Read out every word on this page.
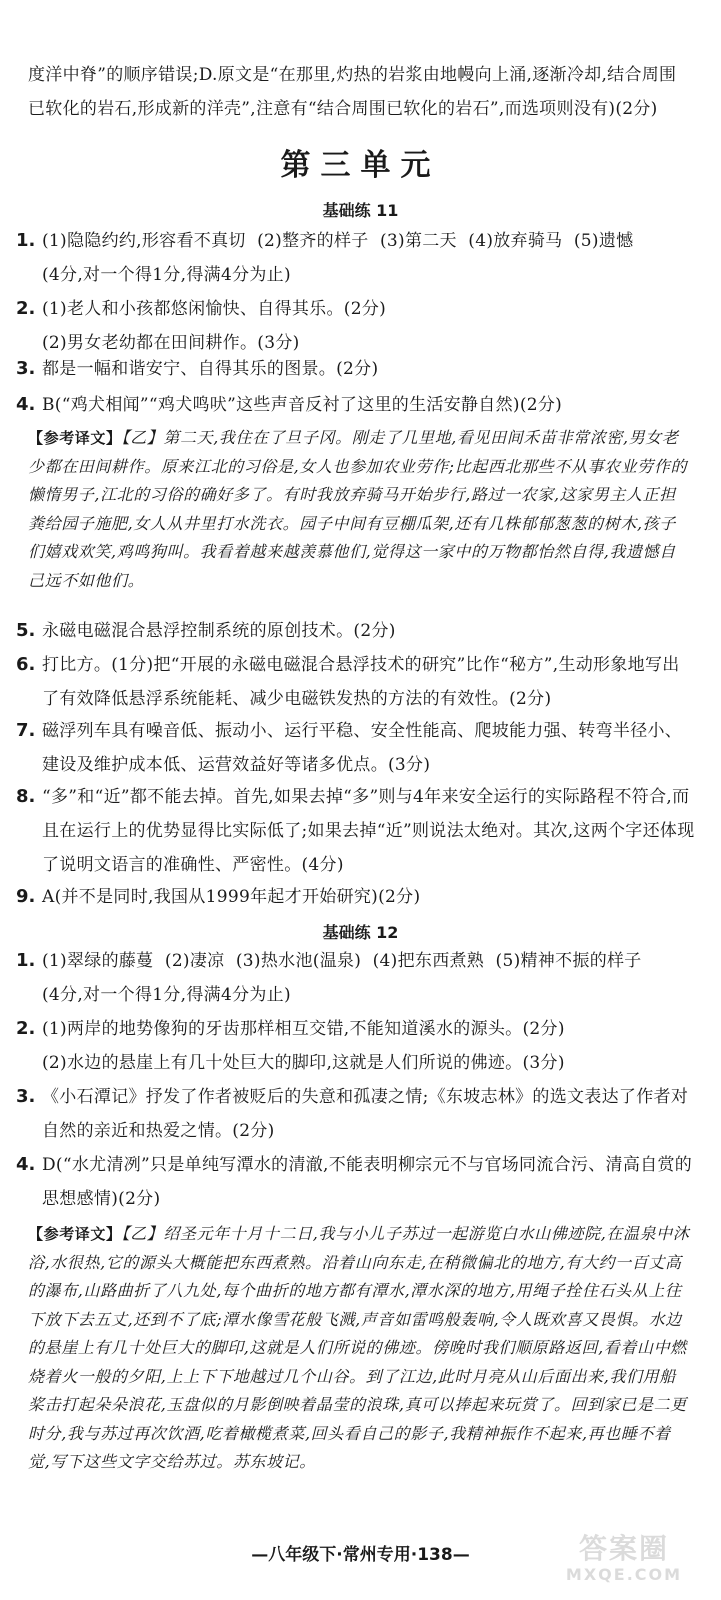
度洋中脊”的顺序错误;D.原文是“在那里,灼热的岩浆由地幔向上涌,逐渐冷却,结合周围已软化的岩石,形成新的洋壳”,注意有“结合周围已软化的岩石”,而选项则没有)(2分)
第三单元
基础练 11
1. (1)隐隐约约,形容看不真切  (2)整齐的样子  (3)第二天  (4)放弃骑马  (5)遗憾
(4分,对一个得1分,得满4分为止)
2. (1)老人和小孩都悠闲愉快、自得其乐。(2分)
(2)男女老幼都在田间耕作。(3分)
3. 都是一幅和谐安宁、自得其乐的图景。(2分)
4. B(“鸡犬相闻”“鸡犬鸣吠”这些声音反衬了这里的生活安静自然)(2分)
【参考译文】【乙】第二天,我住在了旦子冈。刚走了几里地,看见田间禾苗非常浓密,男女老少都在田间耕作。原来江北的习俗是,女人也参加农业劳作;比起西北那些不从事农业劳作的懒惰男子,江北的习俗的确好多了。有时我放弃骑马开始步行,路过一农家,这家男主人正担粪给园子施肥,女人从井里打水洗衣。园子中间有豆棚瓜架,还有几株郁郁葱葱的树木,孩子们嬉戏欢笑,鸡鸣狗叫。我看着越来越羡慕他们,觉得这一家中的万物都怡然自得,我遗憾自己远不如他们。
5. 永磁电磁混合悬浮控制系统的原创技术。(2分)
6. 打比方。(1分)把“开展的永磁电磁混合悬浮技术的研究”比作“秘方”,生动形象地写出了有效降低悬浮系统能耗、减少电磁铁发热的方法的有效性。(2分)
7. 磁浮列车具有噪音低、振动小、运行平稳、安全性能高、爬坡能力强、转弯半径小、建设及维护成本低、运营效益好等诸多优点。(3分)
8. “多”和“近”都不能去掉。首先,如果去掉“多”则与4年来安全运行的实际路程不符合,而且在运行上的优势显得比实际低了;如果去掉“近”则说法太绝对。其次,这两个字还体现了说明文语言的准确性、严密性。(4分)
9. A(并不是同时,我国从1999年起才开始研究)(2分)
基础练 12
1. (1)翠绿的藤蔓  (2)凄凉  (3)热水池(温泉)  (4)把东西煮熟  (5)精神不振的样子
(4分,对一个得1分,得满4分为止)
2. (1)两岸的地势像狗的牙齿那样相互交错,不能知道溪水的源头。(2分)
(2)水边的悬崖上有几十处巨大的脚印,这就是人们所说的佛迹。(3分)
3. 《小石潭记》抒发了作者被贬后的失意和孤凄之情;《东坡志林》的选文表达了作者对自然的亲近和热爱之情。(2分)
4. D(“水尤清冽”只是单纯写潭水的清澈,不能表明柳宗元不与官场同流合污、清高自赏的思想感情)(2分)
【参考译文】【乙】绍圣元年十月十二日,我与小儿子苏过一起游览白水山佛迹院,在温泉中沐浴,水很热,它的源头大概能把东西煮熟。沿着山向东走,在稍微偏北的地方,有大约一百丈高的瀑布,山路曲折了八九处,每个曲折的地方都有潭水,潭水深的地方,用绳子拴住石头从上往下放下去五丈,还到不了底;潭水像雪花般飞溅,声音如雷鸣般轰响,令人既欢喜又畏惧。水边的悬崖上有几十处巨大的脚印,这就是人们所说的佛迹。傍晚时我们顺原路返回,看着山中燃烧着火一般的夕阳,上上下下地越过几个山谷。到了江边,此时月亮从山后面出来,我们用船桨击打起朵朵浪花,玉盘似的月影倒映着晶莹的浪珠,真可以捧起来玩赏了。回到家已是二更时分,我与苏过再次饮酒,吃着橄榄煮菜,回头看自己的影子,我精神振作不起来,再也睡不着觉,写下这些文字交给苏过。苏东坡记。
—八年级下·常州专用·138—	答案圈
MXQE.COM
